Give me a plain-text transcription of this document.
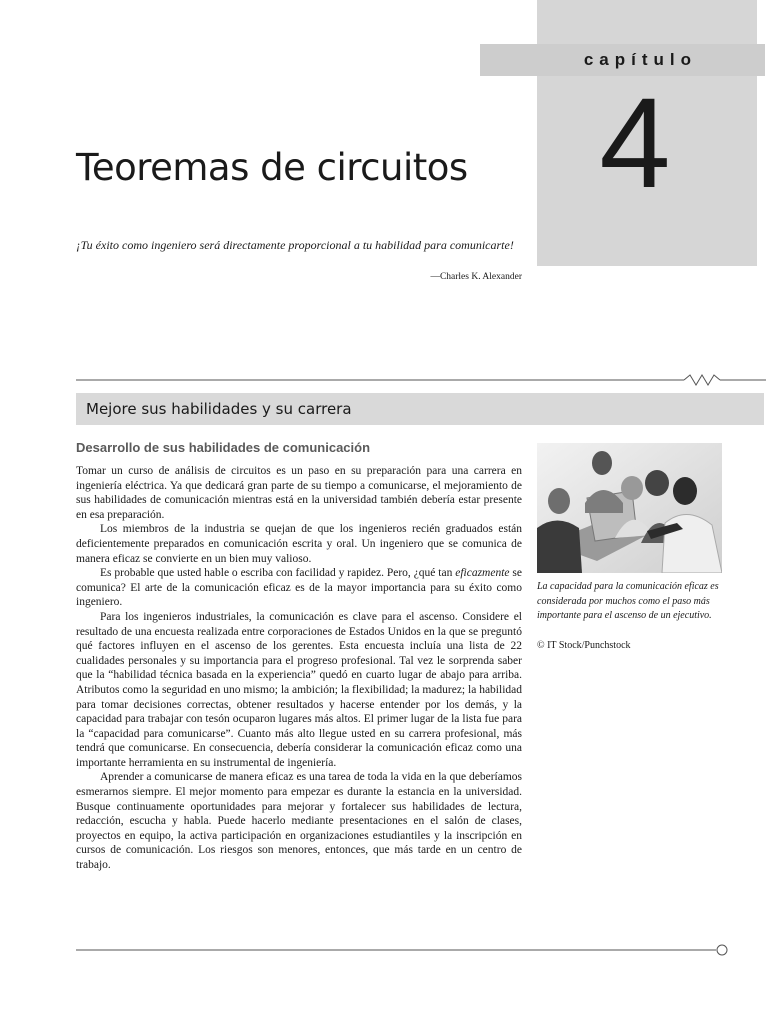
capítulo
4
Teoremas de circuitos

¡Tu éxito como ingeniero será directamente proporcional a tu habilidad para comunicarte!

—Charles K. Alexander
Mejore sus habilidades y su carrera
Desarrollo de sus habilidades de comunicación

Tomar un curso de análisis de circuitos es un paso en su preparación para una carrera en ingeniería eléctrica. Ya que dedicará gran parte de su tiempo a comunicarse, el mejoramiento de sus habilidades de comunicación mientras está en la universidad también debería estar presente en esa preparación.

Los miembros de la industria se quejan de que los ingenieros recién graduados están deficientemente preparados en comunicación escrita y oral. Un ingeniero que se comunica de manera eficaz se convierte en un bien muy valioso.

Es probable que usted hable o escriba con facilidad y rapidez. Pero, ¿qué tan eficazmente se comunica? El arte de la comunicación eficaz es de la mayor importancia para su éxito como ingeniero.

Para los ingenieros industriales, la comunicación es clave para el ascenso. Considere el resultado de una encuesta realizada entre corporaciones de Estados Unidos en la que se preguntó qué factores influyen en el ascenso de los gerentes. Esta encuesta incluía una lista de 22 cualidades personales y su importancia para el progreso profesional. Tal vez le sorprenda saber que la “habilidad técnica basada en la experiencia” quedó en cuarto lugar de abajo para arriba. Atributos como la seguridad en uno mismo; la ambición; la flexibilidad; la madurez; la habilidad para tomar decisiones correctas, obtener resultados y hacerse entender por los demás, y la capacidad para trabajar con tesón ocuparon lugares más altos. El primer lugar de la lista fue para la “capacidad para comunicarse”. Cuanto más alto llegue usted en su carrera profesional, más tendrá que comunicarse. En consecuencia, debería considerar la comunicación eficaz como una importante herramienta en su instrumental de ingeniería.

Aprender a comunicarse de manera eficaz es una tarea de toda la vida en la que deberíamos esmerarnos siempre. El mejor momento para empezar es durante la estancia en la universidad. Busque continuamente oportunidades para mejorar y fortalecer sus habilidades de lectura, redacción, escucha y habla. Puede hacerlo mediante presentaciones en el salón de clases, proyectos en equipo, la activa participación en organizaciones estudiantiles y la inscripción en cursos de comunicación. Los riesgos son menores, entonces, que más tarde en un centro de trabajo.

La capacidad para la comunicación eficaz es considerada por muchos como el paso más importante para el ascenso de un ejecutivo.

© IT Stock/Punchstock
